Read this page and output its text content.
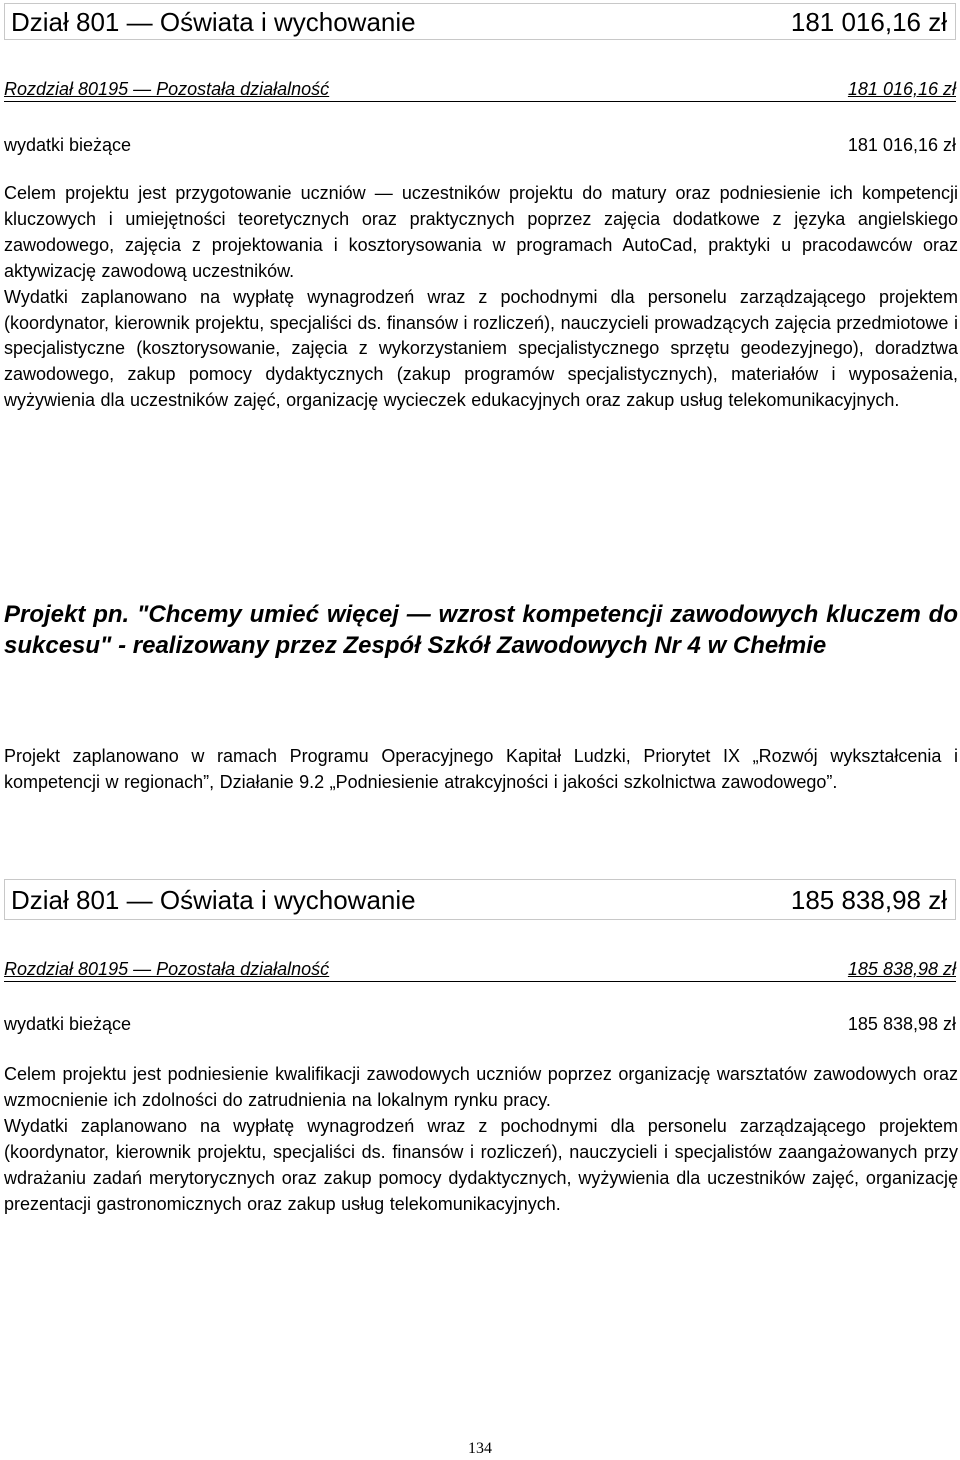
Dział 801 — Oświata i wychowanie	181 016,16 zł
Rozdział 80195 — Pozostała działalność	181 016,16 zł
wydatki bieżące	181 016,16 zł

Celem projektu jest przygotowanie uczniów — uczestników projektu do matury oraz podniesienie ich kompetencji kluczowych i umiejętności teoretycznych oraz praktycznych poprzez zajęcia dodatkowe z języka angielskiego zawodowego, zajęcia z projektowania i kosztorysowania w programach AutoCad, praktyki u pracodawców oraz aktywizację zawodową uczestników.

Wydatki zaplanowano na wypłatę wynagrodzeń wraz z pochodnymi dla personelu zarządzającego projektem (koordynator, kierownik projektu, specjaliści ds. finansów i rozliczeń), nauczycieli prowadzących zajęcia przedmiotowe i specjalistyczne (kosztorysowanie, zajęcia z wykorzystaniem specjalistycznego sprzętu geodezyjnego), doradztwa zawodowego, zakup pomocy dydaktycznych (zakup programów specjalistycznych), materiałów i wyposażenia, wyżywienia dla uczestników zajęć, organizację wycieczek edukacyjnych oraz zakup usług telekomunikacyjnych.

Projekt pn. "Chcemy umieć więcej — wzrost kompetencji zawodowych kluczem do sukcesu" - realizowany przez Zespół Szkół Zawodowych Nr 4 w Chełmie
Projekt zaplanowano w ramach Programu Operacyjnego Kapitał Ludzki, Priorytet IX „Rozwój wykształcenia i kompetencji w regionach”, Działanie 9.2 „Podniesienie atrakcyjności i jakości szkolnictwa zawodowego”.
Dział 801 — Oświata i wychowanie	185 838,98 zł
Rozdział 80195 — Pozostała działalność	185 838,98 zł
wydatki bieżące	185 838,98 zł

Celem projektu jest podniesienie kwalifikacji zawodowych uczniów poprzez organizację warsztatów zawodowych oraz wzmocnienie ich zdolności do zatrudnienia na lokalnym rynku pracy.

Wydatki zaplanowano na wypłatę wynagrodzeń wraz z pochodnymi dla personelu zarządzającego projektem (koordynator, kierownik projektu, specjaliści ds. finansów i rozliczeń), nauczycieli i specjalistów zaangażowanych przy wdrażaniu zadań merytorycznych oraz zakup pomocy dydaktycznych, wyżywienia dla uczestników zajęć, organizację prezentacji gastronomicznych oraz zakup usług telekomunikacyjnych.

134
